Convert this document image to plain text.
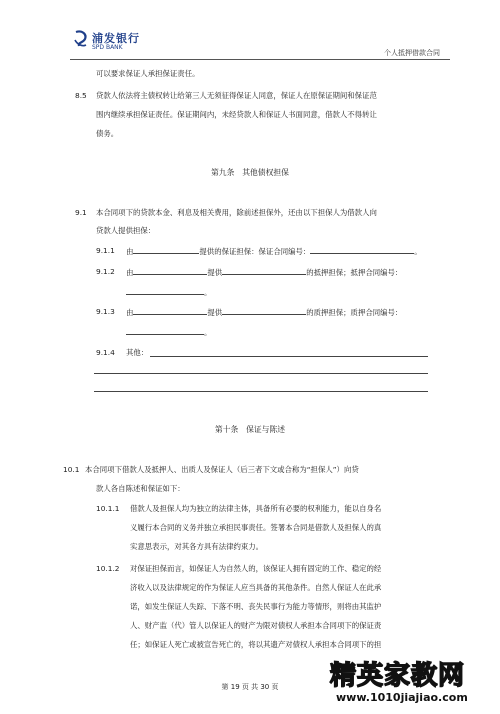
浦发银行
SPD BANK
个人抵押借款合同
可以要求保证人承担保证责任。
8.5 贷款人依法将主债权转让给第三人无须征得保证人同意，保证人在原保证期间和保证范
围内继续承担保证责任。保证期间内，未经贷款人和保证人书面同意，借款人不得转让
债务。
第九条　其他债权担保
9.1 本合同项下的贷款本金、利息及相关费用，除前述担保外，还由以下担保人为借款人向
贷款人提供担保：
9.1.1 由	提供的保证担保：保证合同编号：	。
9.1.2 由	提供	的抵押担保；抵押合同编号：
。
9.1.3 由	提供	的质押担保；质押合同编号：
。
9.1.4 其他：
第十条　保证与陈述
10.1 本合同项下借款人及抵押人、出质人及保证人（后三者下文或合称为“担保人”）向贷
款人各自陈述和保证如下：
10.1.1 借款人及担保人均为独立的法律主体，具备所有必要的权利能力，能以自身名
义履行本合同的义务并独立承担民事责任。签署本合同是借款人及担保人的真
实意思表示，对其各方具有法律约束力。
10.1.2 对保证担保而言，如保证人为自然人的，该保证人拥有固定的工作、稳定的经
济收入以及法律规定的作为保证人应当具备的其他条件。自然人保证人在此承
诺，如发生保证人失踪、下落不明、丧失民事行为能力等情形，则将由其监护
人、财产监（代）管人以保证人的财产为限对债权人承担本合同项下的保证责
任；如保证人死亡或被宣告死亡的，将以其遗产对债权人承担本合同项下的担
第 19 页 共 30 页	精英家教网
www.1010jiajiao.com
